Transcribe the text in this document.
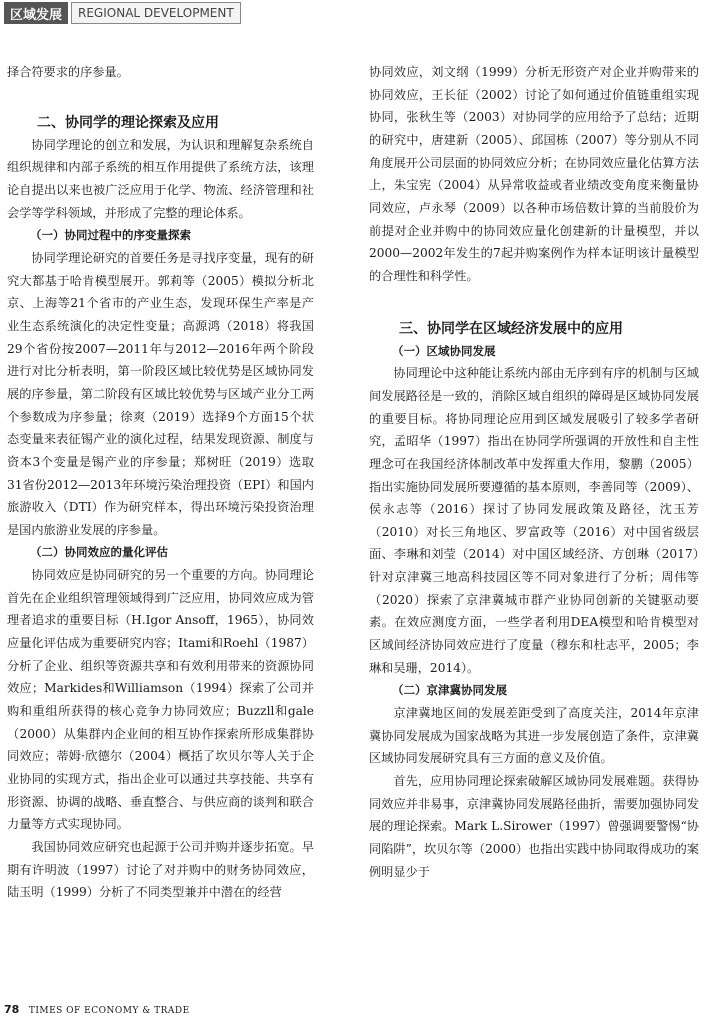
区域发展	REGIONAL DEVELOPMENT

择合符要求的序参量。

二、协同学的理论探索及应用

协同学理论的创立和发展，为认识和理解复杂系统自组织规律和内部子系统的相互作用提供了系统方法，该理论自提出以来也被广泛应用于化学、物流、经济管理和社会学等学科领域，并形成了完整的理论体系。

（一）协同过程中的序变量探索

协同学理论研究的首要任务是寻找序变量，现有的研究大都基于哈肯模型展开。郭莉等（2005）模拟分析北京、上海等21个省市的产业生态，发现环保生产率是产业生态系统演化的决定性变量；高源鸿（2018）将我国29个省份按2007—2011年与2012—2016年两个阶段进行对比分析表明，第一阶段区域比较优势是区域协同发展的序参量，第二阶段有区域比较优势与区域产业分工两个参数成为序参量；徐爽（2019）选择9个方面15个状态变量来表征锡产业的演化过程，结果发现资源、制度与资本3个变量是锡产业的序参量；郑树旺（2019）选取31省份2012—2013年环境污染治理投资（EPI）和国内旅游收入（DTI）作为研究样本，得出环境污染投资治理是国内旅游业发展的序参量。

（二）协同效应的量化评估

协同效应是协同研究的另一个重要的方向。协同理论首先在企业组织管理领域得到广泛应用，协同效应成为管理者追求的重要目标（H.Igor Ansoff，1965），协同效应量化评估成为重要研究内容；Itami和Roehl（1987）分析了企业、组织等资源共享和有效利用带来的资源协同效应；Markides和Williamson（1994）探索了公司并购和重组所获得的核心竞争力协同效应；Buzzll和gale（2000）从集群内企业间的相互协作探索所形成集群协同效应；蒂姆·欣德尔（2004）概括了坎贝尔等人关于企业协同的实现方式，指出企业可以通过共享技能、共享有形资源、协调的战略、垂直整合、与供应商的谈判和联合力量等方式实现协同。

我国协同效应研究也起源于公司并购并逐步拓宽。早期有许明波（1997）讨论了对并购中的财务协同效应，陆玉明（1999）分析了不同类型兼并中潜在的经营

协同效应，刘文纲（1999）分析无形资产对企业并购带来的协同效应，王长征（2002）讨论了如何通过价值链重组实现协同，张秋生等（2003）对协同学的应用给予了总结；近期的研究中，唐建新（2005）、邱国栋（2007）等分别从不同角度展开公司层面的协同效应分析；在协同效应量化估算方法上，朱宝宪（2004）从异常收益或者业绩改变角度来衡量协同效应，卢永琴（2009）以各种市场倍数计算的当前股价为前提对企业并购中的协同效应量化创建新的计量模型，并以2000—2002年发生的7起并购案例作为样本证明该计量模型的合理性和科学性。

三、协同学在区域经济发展中的应用

（一）区域协同发展

协同理论中这种能让系统内部由无序到有序的机制与区域间发展路径是一致的，消除区域自组织的障碍是区域协同发展的重要目标。将协同理论应用到区域发展吸引了较多学者研究，孟昭华（1997）指出在协同学所强调的开放性和自主性理念可在我国经济体制改革中发挥重大作用，黎鹏（2005）指出实施协同发展所要遵循的基本原则，李善同等（2009）、侯永志等（2016）探讨了协同发展政策及路径，沈玉芳（2010）对长三角地区、罗富政等（2016）对中国省级层面、李琳和刘莹（2014）对中国区域经济、方创琳（2017）针对京津冀三地高科技园区等不同对象进行了分析；周伟等（2020）探索了京津冀城市群产业协同创新的关键驱动要素。在效应测度方面，一些学者利用DEA模型和哈肯模型对区域间经济协同效应进行了度量（穆东和杜志平，2005；李琳和吴珊，2014）。

（二）京津冀协同发展

京津冀地区间的发展差距受到了高度关注，2014年京津冀协同发展成为国家战略为其进一步发展创造了条件，京津冀区域协同发展研究具有三方面的意义及价值。

首先，应用协同理论探索破解区域协同发展难题。获得协同效应并非易事，京津冀协同发展路径曲折，需要加强协同发展的理论探索。Mark L.Sirower（1997）曾强调要警惕“协同陷阱”，坎贝尔等（2000）也指出实践中协同取得成功的案例明显少于

78 TIMES OF ECONOMY & TRADE
